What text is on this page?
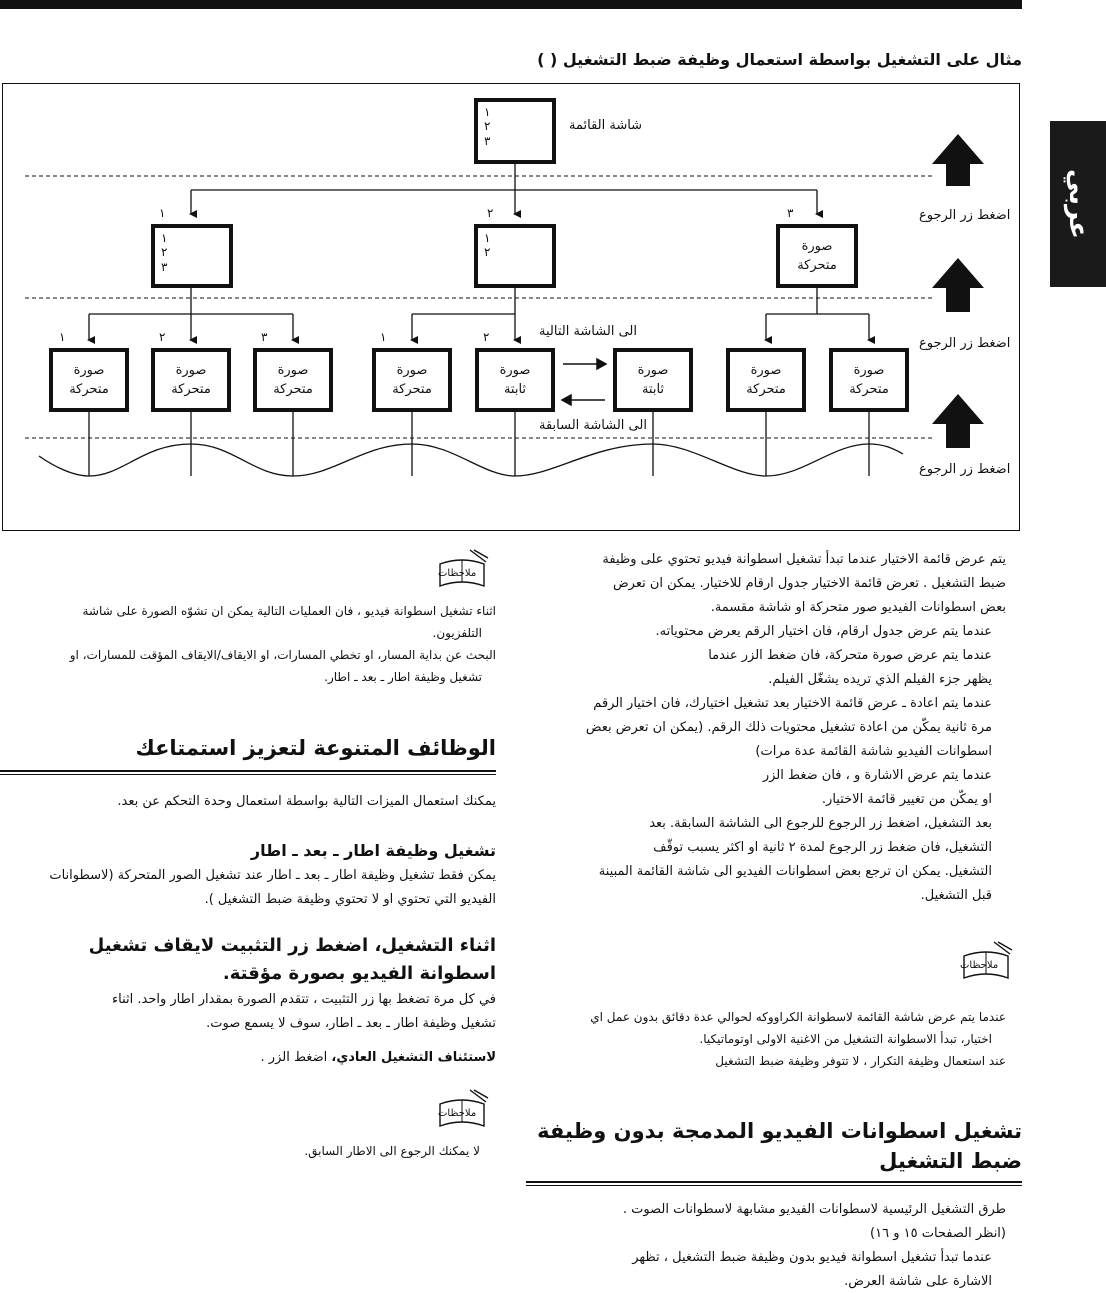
عربي
مثال على التشغيل بواسطة استعمال وظيفة ضبط التشغيل ( )
١
٢
٣
شاشة القائمة
١	٢	٣
١
٢
٣
١
٢	صورة
متحركة
اضغط زر الرجوع
اضغط زر الرجوع
اضغط زر الرجوع
١	٢	٣	١	٢	الى الشاشة التالية
الى الشاشة السابقة
صورة
متحركة
صورة
متحركة
صورة
متحركة
صورة
متحركة
صورة
ثابتة
صورة
ثابتة
صورة
متحركة
صورة
متحركة

يتم عرض قائمة الاختيار عندما تبدأ تشغيل اسطوانة فيديو تحتوي على وظيفة

ضبط التشغيل . تعرض قائمة الاختيار جدول ارقام للاختيار. يمكن ان تعرض

بعض اسطوانات الفيديو صور متحركة او شاشة مقسمة.

عندما يتم عرض جدول ارقام، فان اختيار الرقم يعرض محتوياته.

عندما يتم عرض صورة متحركة، فان ضغط الزر عندما

يظهر جزء الفيلم الذي تريده يشغّل الفيلم.

عندما يتم اعادة ـ عرض قائمة الاختيار بعد تشغيل اختيارك، فان اختيار الرقم

مرة ثانية يمكّن من اعادة تشغيل محتويات ذلك الرقم. (يمكن ان تعرض بعض

اسطوانات الفيديو شاشة القائمة عدة مرات)

عندما يتم عرض الاشارة و ، فان ضغط الزر

او يمكّن من تغيير قائمة الاختيار.

بعد التشغيل، اضغط زر الرجوع للرجوع الى الشاشة السابقة. بعد

التشغيل، فان ضغط زر الرجوع لمدة ٢ ثانية او اكثر يسبب توقّف

التشغيل. يمكن ان ترجع بعض اسطوانات الفيديو الى شاشة القائمة المبينة

قبل التشغيل.

ملاحظات

عندما يتم عرض شاشة القائمة لاسطوانة الكراووكه لحوالي عدة دقائق بدون عمل اي

اختيار، تبدأ الاسطوانة التشغيل من الاغنية الاولى اوتوماتيكيا.

عند استعمال وظيفة التكرار ، لا تتوفر وظيفة ضبط التشغيل

تشغيل اسطوانات الفيديو المدمجة بدون وظيفة

ضبط التشغيل

طرق التشغيل الرئيسية لاسطوانات الفيديو مشابهة لاسطوانات الصوت .

(انظر الصفحات ١٥ و ١٦)

عندما تبدأ تشغيل اسطوانة فيديو بدون وظيفة ضبط التشغيل ، تظهر

الاشارة على شاشة العرض.

ملاحظات

اثناء تشغيل اسطوانة فيديو ، فان العمليات التالية يمكن ان تشوّه الصورة على شاشة

التلفزيون.

البحث عن بداية المسار، او تخطي المسارات، او الايقاف/الايقاف المؤقت للمسارات، او

تشغيل وظيفة اطار ـ بعد ـ اطار.

الوظائف المتنوعة لتعزيز استمتاعك
يمكنك استعمال الميزات التالية بواسطة استعمال وحدة التحكم عن بعد.
تشغيل وظيفة اطار ـ بعد ـ اطار

يمكن فقط تشغيل وظيفة اطار ـ بعد ـ اطار عند تشغيل الصور المتحركة (لاسطوانات

الفيديو التي تحتوي او لا تحتوي وظيفة ضبط التشغيل ).

اثناء التشغيل، اضغط زر التثبيت لايقاف تشغيل

اسطوانة الفيديو بصورة مؤقتة.

في كل مرة تضغط بها زر التثبيت ، تتقدم الصورة بمقدار اطار واحد. اثناء

تشغيل وظيفة اطار ـ بعد ـ اطار، سوف لا يسمع صوت.

لاستئناف التشغيل العادي، اضغط الزر .
ملاحظات
لا يمكنك الرجوع الى الاطار السابق.
